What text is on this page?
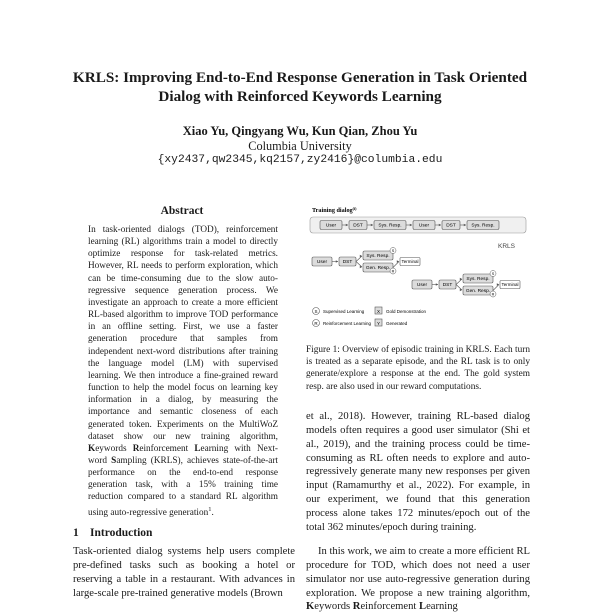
KRLS: Improving End-to-End Response Generation in Task Oriented
Dialog with Reinforced Keywords Learning
Xiao Yu, Qingyang Wu, Kun Qian, Zhou Yu
Columbia University
{xy2437,qw2345,kq2157,zy2416}@columbia.edu
Abstract
In task-oriented dialogs (TOD), reinforcement learning (RL) algorithms train a model to directly optimize response for task-related metrics. However, RL needs to perform exploration, which can be time-consuming due to the slow auto-regressive sequence generation process. We investigate an approach to create a more efficient RL-based algorithm to improve TOD performance in an offline setting. First, we use a faster generation procedure that samples from independent next-word distributions after training the language model (LM) with supervised learning. We then introduce a fine-grained reward function to help the model focus on learning key information in a dialog, by measuring the importance and semantic closeness of each generated token. Experiments on the MultiWoZ dataset show our new training algorithm, Keywords Reinforcement Learning with Next-word Sampling (KRLS), achieves state-of-the-art performance on the end-to-end response generation task, with a 15% training time reduction compared to a standard RL algorithm using auto-regressive generation$^1$.
1 Introduction
Task-oriented dialog systems help users complete pre-defined tasks such as booking a hotel or reserving a table in a restaurant. With advances in large-scale pre-trained generative models (Brown
Training dialog$^{(i)}$
User	DST	Sys. Resp.	User	DST	Sys. Resp.
KRLS
User	DST
Sys. Resp.
Gen. Resp.
Terminal
S
R
User	DST
Sys. Resp.
Gen. Resp.
Terminal
S
R
S Supervised Learning	X Gold Demonstration
R Reinforcement Learning Y Generated
Figure 1: Overview of episodic training in KRLS. Each turn is treated as a separate episode, and the RL task is to only generate/explore a response at the end. The gold system resp. are also used in our reward computations.
et al., 2018). However, training RL-based dialog models often requires a good user simulator (Shi et al., 2019), and the training process could be time-consuming as RL often needs to explore and auto-regressively generate many new responses per given input (Ramamurthy et al., 2022). For example, in our experiment, we found that this generation process alone takes 172 minutes/epoch out of the total 362 minutes/epoch during training.
In this work, we aim to create a more efficient RL procedure for TOD, which does not need a user simulator nor use auto-regressive generation during exploration. We propose a new training algorithm, Keywords Reinforcement Learning
